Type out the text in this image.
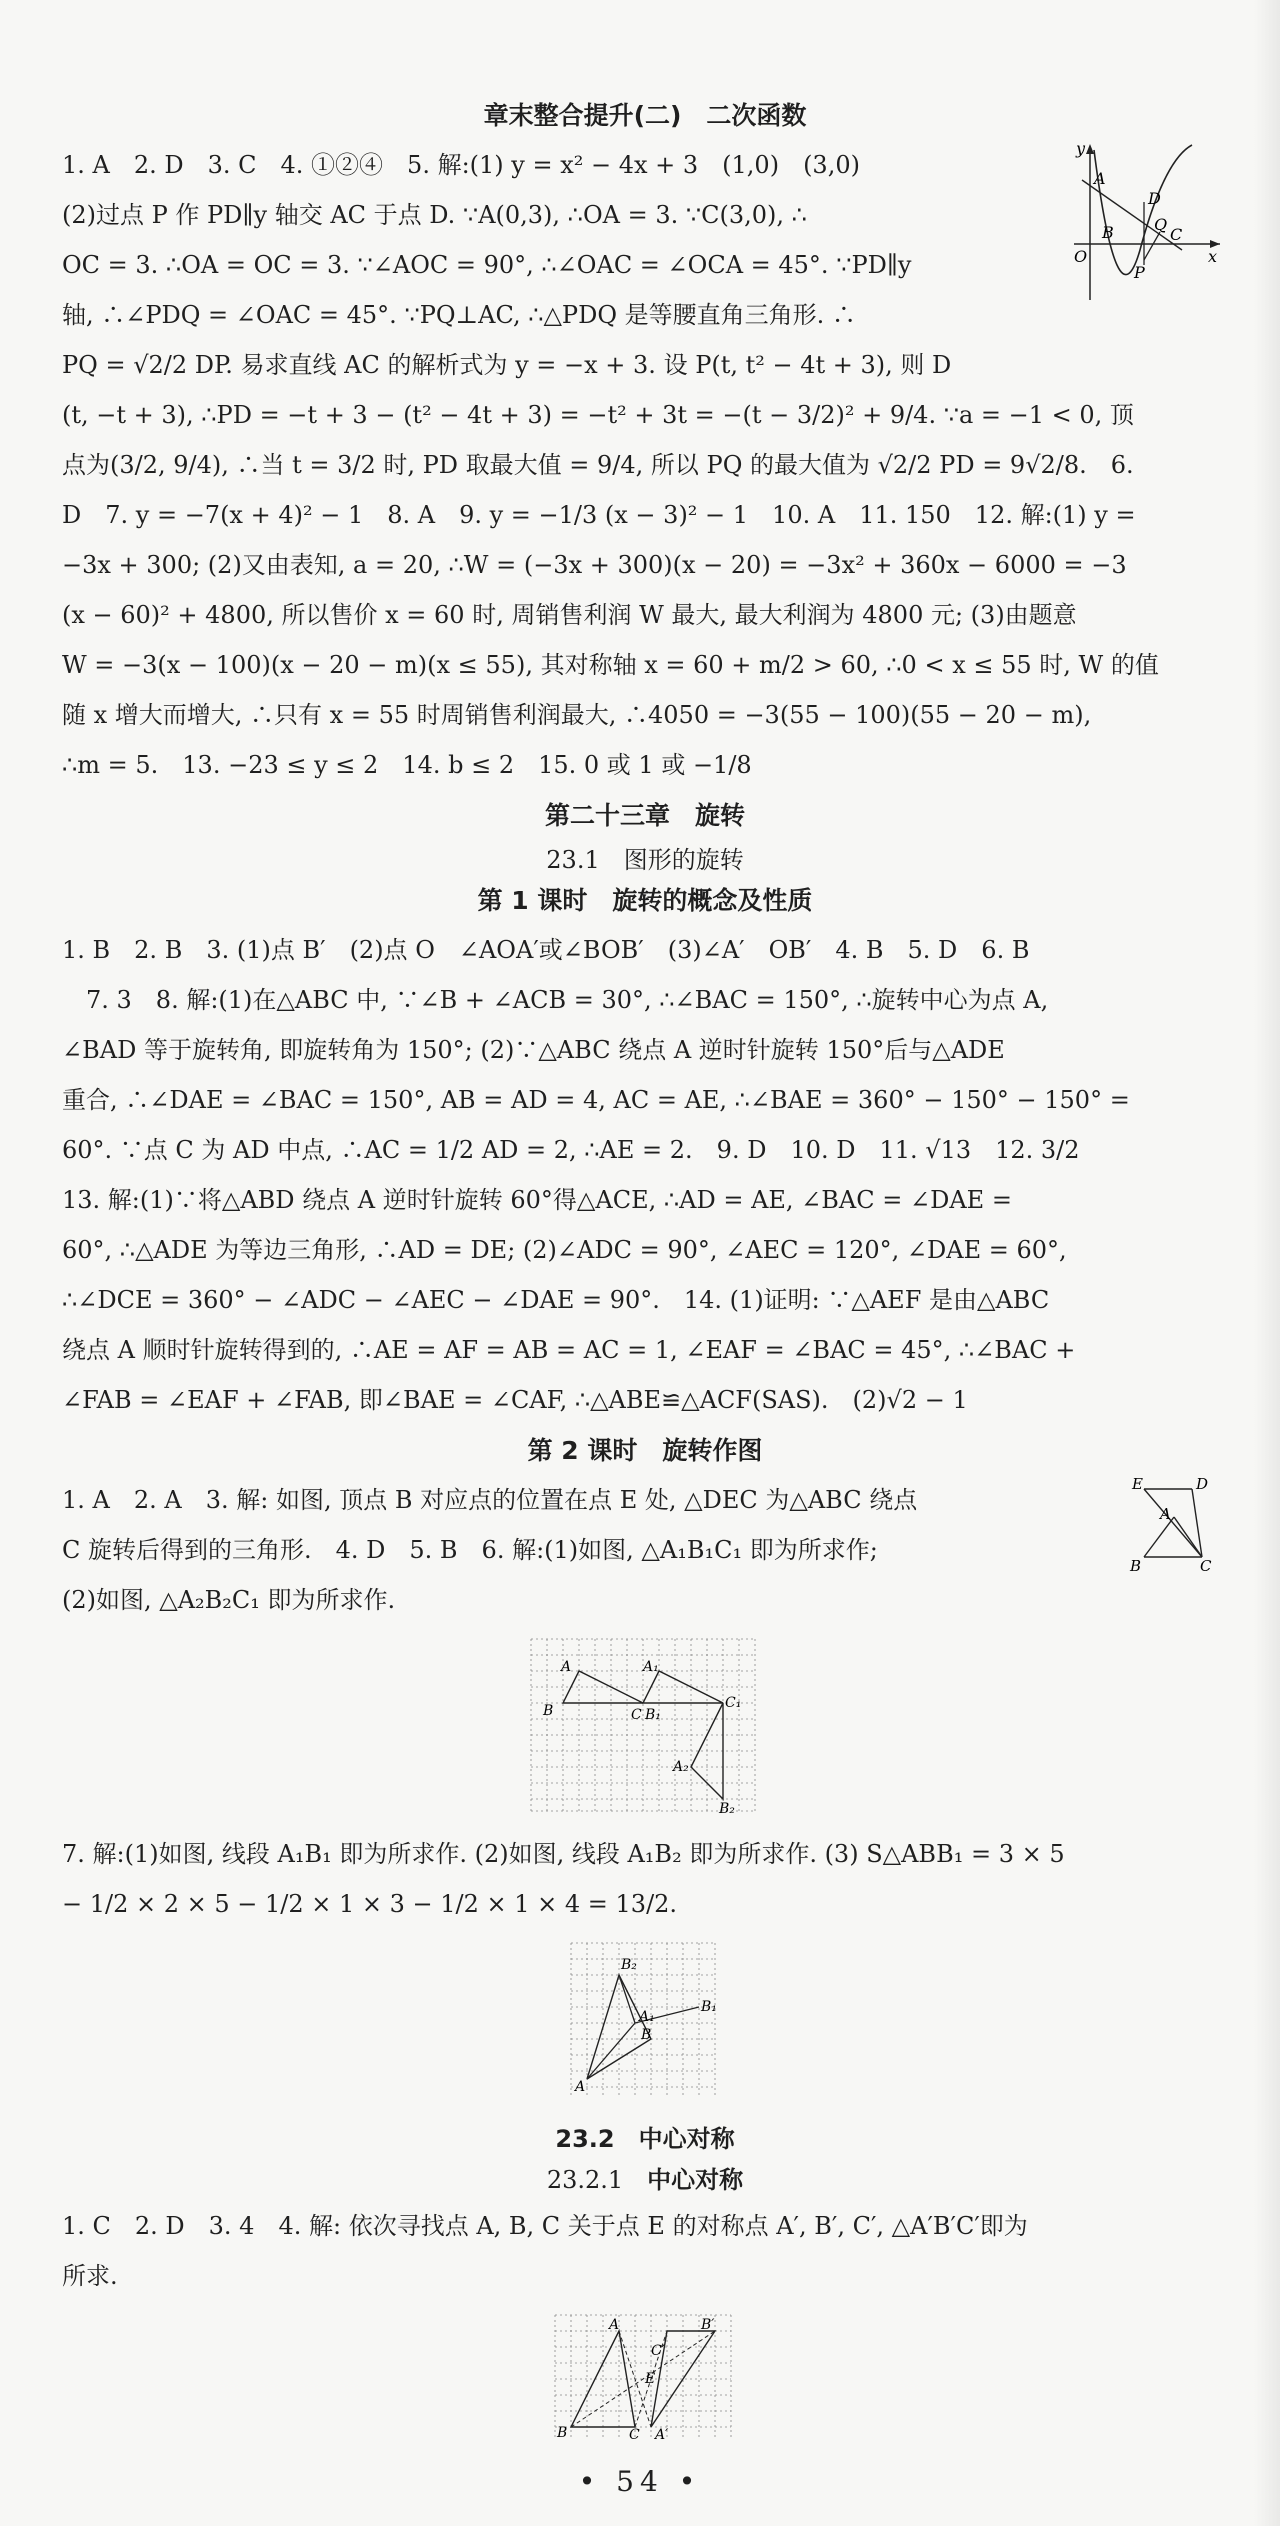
章末整合提升(二)　二次函数
y
A
D
Q
C
O
B
P
x

1. A　2. D　3. C　4. ①②④　5. 解:(1) y = x² − 4x + 3　(1,0)　(3,0)

(2)过点 P 作 PD∥y 轴交 AC 于点 D. ∵A(0,3), ∴OA = 3. ∵C(3,0), ∴

OC = 3. ∴OA = OC = 3. ∵∠AOC = 90°, ∴∠OAC = ∠OCA = 45°. ∵PD∥y

轴, ∴∠PDQ = ∠OAC = 45°. ∵PQ⊥AC, ∴△PDQ 是等腰直角三角形. ∴

PQ = √2/2 DP. 易求直线 AC 的解析式为 y = −x + 3. 设 P(t, t² − 4t + 3), 则 D

(t, −t + 3), ∴PD = −t + 3 − (t² − 4t + 3) = −t² + 3t = −(t − 3/2)² + 9/4. ∵a = −1 < 0, 顶

点为(3/2, 9/4), ∴当 t = 3/2 时, PD 取最大值 = 9/4, 所以 PQ 的最大值为 √2/2 PD = 9√2/8.　6.

D　7. y = −7(x + 4)² − 1　8. A　9. y = −1/3 (x − 3)² − 1　10. A　11. 150　12. 解:(1) y =

−3x + 300; (2)又由表知, a = 20, ∴W = (−3x + 300)(x − 20) = −3x² + 360x − 6000 = −3

(x − 60)² + 4800, 所以售价 x = 60 时, 周销售利润 W 最大, 最大利润为 4800 元; (3)由题意

W = −3(x − 100)(x − 20 − m)(x ≤ 55), 其对称轴 x = 60 + m/2 > 60, ∴0 < x ≤ 55 时, W 的值

随 x 增大而增大, ∴只有 x = 55 时周销售利润最大, ∴4050 = −3(55 − 100)(55 − 20 − m),

∴m = 5.　13. −23 ≤ y ≤ 2　14. b ≤ 2　15. 0 或 1 或 −1/8

第二十三章　旋转
23.1　图形的旋转
第 1 课时　旋转的概念及性质

1. B　2. B　3. (1)点 B′　(2)点 O　∠AOA′或∠BOB′　(3)∠A′　OB′　4. B　5. D　6. B

　7. 3　8. 解:(1)在△ABC 中, ∵∠B + ∠ACB = 30°, ∴∠BAC = 150°, ∴旋转中心为点 A,

∠BAD 等于旋转角, 即旋转角为 150°; (2)∵△ABC 绕点 A 逆时针旋转 150°后与△ADE

重合, ∴∠DAE = ∠BAC = 150°, AB = AD = 4, AC = AE, ∴∠BAE = 360° − 150° − 150° =

60°. ∵点 C 为 AD 中点, ∴AC = 1/2 AD = 2, ∴AE = 2.　9. D　10. D　11. √13　12. 3/2

13. 解:(1)∵将△ABD 绕点 A 逆时针旋转 60°得△ACE, ∴AD = AE, ∠BAC = ∠DAE =

60°, ∴△ADE 为等边三角形, ∴AD = DE; (2)∠ADC = 90°, ∠AEC = 120°, ∠DAE = 60°,

∴∠DCE = 360° − ∠ADC − ∠AEC − ∠DAE = 90°.　14. (1)证明: ∵△AEF 是由△ABC

绕点 A 顺时针旋转得到的, ∴AE = AF = AB = AC = 1, ∠EAF = ∠BAC = 45°, ∴∠BAC +

∠FAB = ∠EAF + ∠FAB, 即∠BAE = ∠CAF, ∴△ABE≌△ACF(SAS).　(2)√2 − 1

第 2 课时　旋转作图
E	D
A
B	C

1. A　2. A　3. 解: 如图, 顶点 B 对应点的位置在点 E 处, △DEC 为△ABC 绕点

C 旋转后得到的三角形.　4. D　5. B　6. 解:(1)如图, △A₁B₁C₁ 即为所求作;

(2)如图, △A₂B₂C₁ 即为所求作.

A	A₁
B	C B₁
C₁
A₂
B₂

7. 解:(1)如图, 线段 A₁B₁ 即为所求作. (2)如图, 线段 A₁B₂ 即为所求作. (3) S△ABB₁ = 3 × 5

− 1/2 × 2 × 5 − 1/2 × 1 × 3 − 1/2 × 1 × 4 = 13/2.

B₂
B
A₁
B₁
A
23.2　中心对称
23.2.1　 中心对称

1. C　2. D　3. 4　4. 解: 依次寻找点 A, B, C 关于点 E 的对称点 A′, B′, C′, △A′B′C′即为

所求.

A	B′
C′
E
B	C A′
• 54 •
